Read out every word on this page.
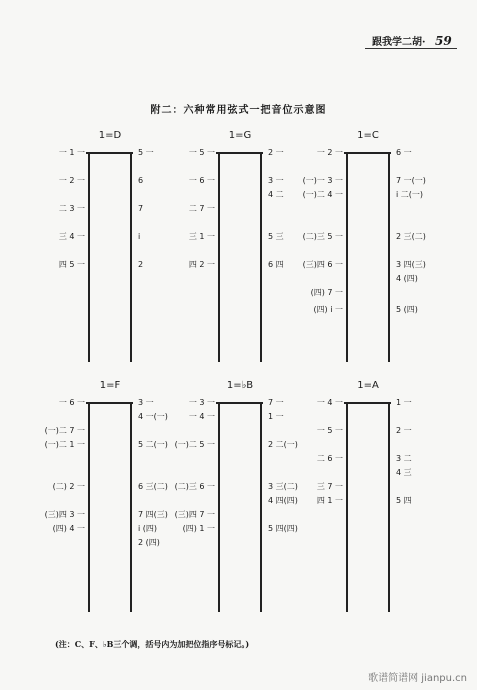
跟我学二胡· 59
附二：六种常用弦式一把音位示意图
1=D
一 1 一
一 2 一
二 3 一
三 4 一
四 5 一
5 一
6
7
i
2
1=G
一 5 一
一 6 一
二 7 一
三 1 一
四 2 一
2 一
3 一
4 二
5 三
6 四
1=C
一 2 一
(一)一 3 一
(一)二 4 一
(二)三 5 一
(三)四 6 一
(四) 7 一
(四) i 一
6 一
7 一(一)
i 二(一)
2 三(二)
3 四(三)
4 (四)
5 (四)
1=F
一 6 一
(一)二 7 一
(一)二 1 一
(二) 2 一
(三)四 3 一
(四) 4 一
3 一
4 一(一)
5 二(一)
6 三(二)
7 四(三)
i (四)
2 (四)
1=♭B
一 3 一
一 4 一
(一)二 5 一
(二)三 6 一
(三)四 7 一
(四) 1 一
7 一
1 一
2 二(一)
3 三(二)
4 四(四)
5 四(四)
1=A
一 4 一
一 5 一
二 6 一
三 7 一
四 1 一
1 一
2 一
3 二
4 三
5 四
(注：C、F、♭B三个调，括号内为加把位指序号标记。)
歌谱简谱网 jianpu.cn
